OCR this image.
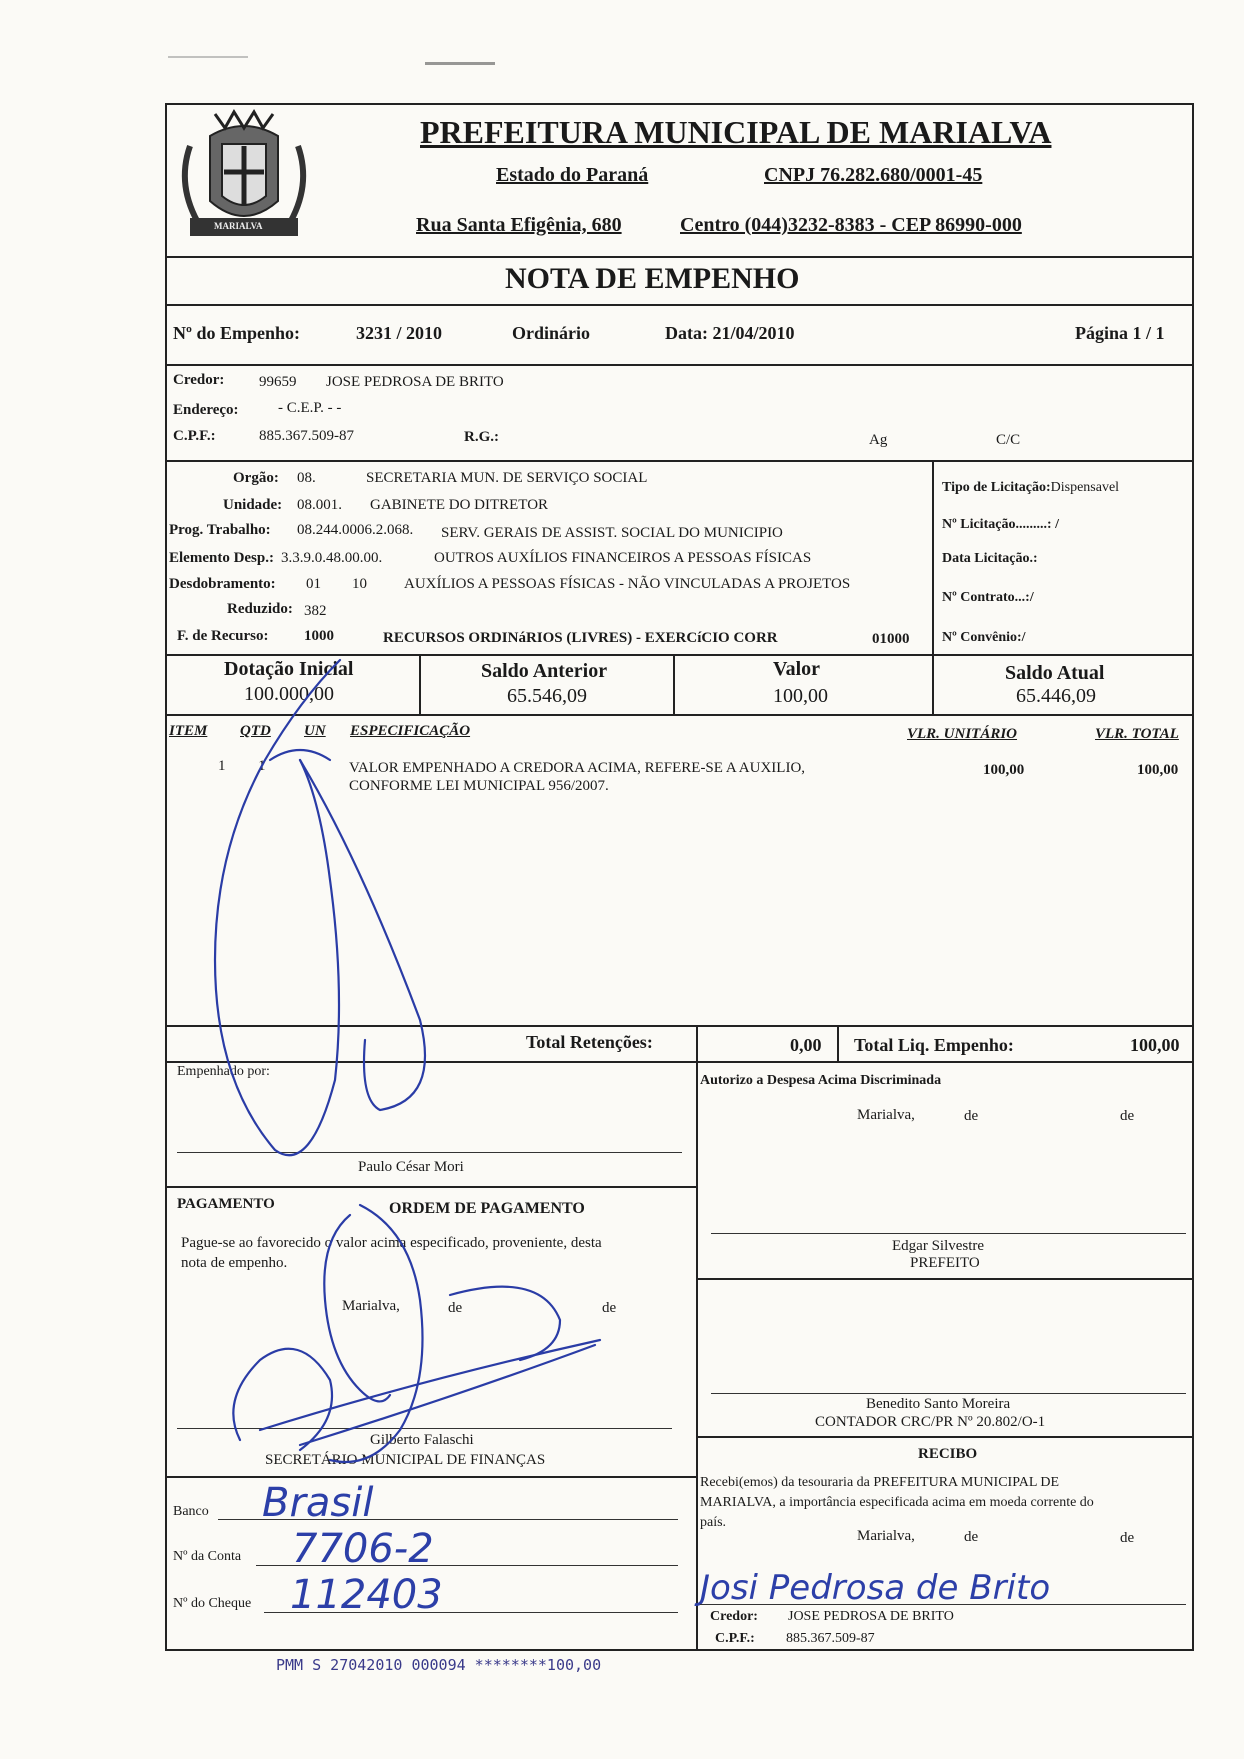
MARIALVA
PREFEITURA MUNICIPAL DE MARIALVA
Estado do Paraná	CNPJ 76.282.680/0001-45
Rua Santa Efigênia, 680	Centro (044)3232-8383 - CEP 86990-000
NOTA DE EMPENHO
Nº do Empenho:	3231 / 2010	Ordinário	Data: 21/04/2010	Página 1 / 1
Credor: 99659 JOSE PEDROSA DE BRITO
Endereço:	- C.E.P. - -
C.P.F.:	885.367.509-87	R.G.:	Ag	C/C
Orgão: 08.	SECRETARIA MUN. DE SERVIÇO SOCIAL
Unidade: 08.001. GABINETE DO DITRETOR
Prog. Trabalho: 08.244.0006.2.068. SERV. GERAIS DE ASSIST. SOCIAL DO MUNICIPIO
Elemento Desp.: 3.3.9.0.48.00.00.	OUTROS AUXÍLIOS FINANCEIROS A PESSOAS FÍSICAS
Desdobramento: 01 10 AUXÍLIOS A PESSOAS FÍSICAS - NÃO VINCULADAS A PROJETOS
Reduzido: 382
F. de Recurso: 1000	RECURSOS ORDINáRIOS (LIVRES) - EXERCíCIO CORR	01000
Tipo de Licitação:Dispensavel
Nº Licitação.........: /
Data Licitação.:
Nº Contrato...:/
Nº Convênio:/
Dotação Inicial
100.000,00
Saldo Anterior
65.546,09
Valor
100,00
Saldo Atual
65.446,09
ITEM QTD UN ESPECIFICAÇÃO	VLR. UNITÁRIO	VLR. TOTAL
1 1	VALOR EMPENHADO A CREDORA ACIMA, REFERE-SE A AUXILIO,
CONFORME LEI MUNICIPAL 956/2007.
100,00	100,00
Total Retenções:	0,00 Total Liq. Empenho:	100,00
Empenhado por:
Paulo César Mori
Autorizo a Despesa Acima Discriminada
Marialva,	de	de
Edgar Silvestre
PREFEITO
Benedito Santo Moreira
CONTADOR CRC/PR Nº 20.802/O-1
PAGAMENTO	ORDEM DE PAGAMENTO
Pague-se ao favorecido o valor acima especificado, proveniente, desta
nota de empenho.
Marialva,	de	de
Gilberto Falaschi
SECRETÁRIO MUNICIPAL DE FINANÇAS
Banco Brasil
Nº da Conta 7706-2
Nº do Cheque 112403
RECIBO
Recebi(emos) da tesouraria da PREFEITURA MUNICIPAL DE
MARIALVA, a importância especificada acima em moeda corrente do
país.
Marialva,	de	de
Josi Pedrosa de Brito
Credor: JOSE PEDROSA DE BRITO
C.P.F.: 885.367.509-87
PMM S 27042010 000094 ********100,00
